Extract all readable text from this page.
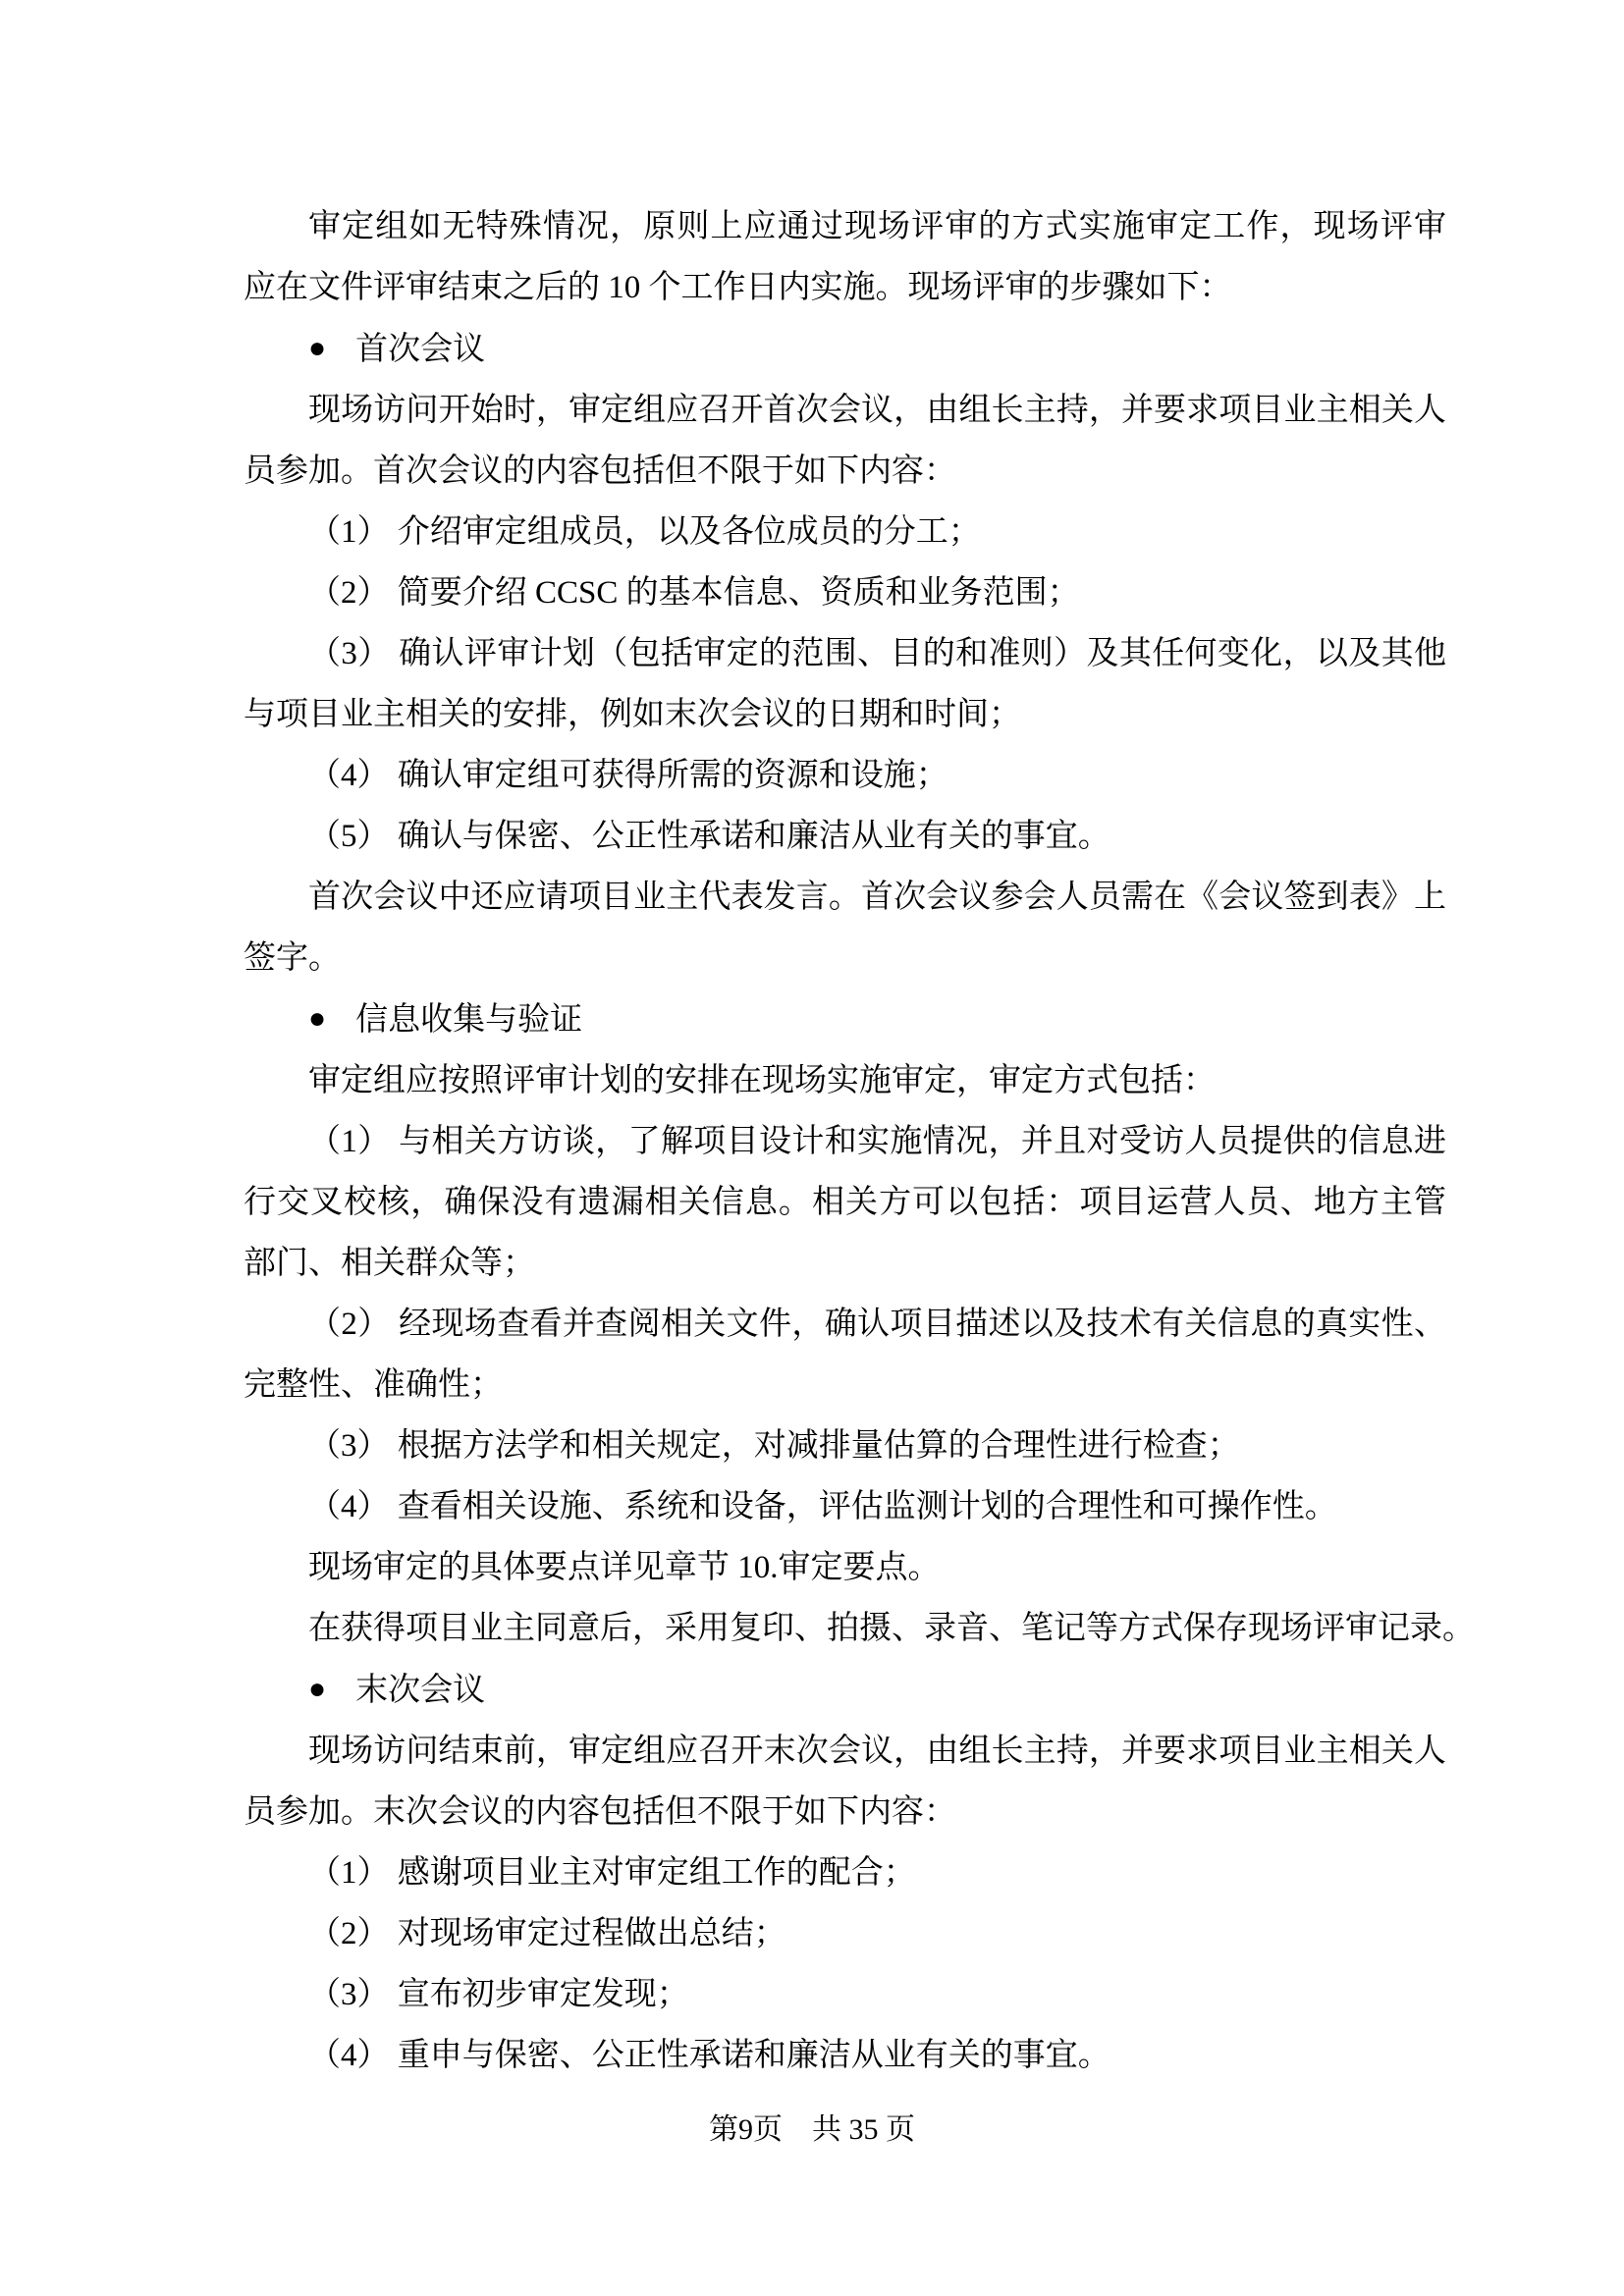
审定组如无特殊情况，原则上应通过现场评审的方式实施审定工作，现场评审

应在文件评审结束之后的 10 个工作日内实施。现场评审的步骤如下：

● 首次会议

现场访问开始时，审定组应召开首次会议，由组长主持，并要求项目业主相关人

员参加。首次会议的内容包括但不限于如下内容：

（1） 介绍审定组成员，以及各位成员的分工；

（2） 简要介绍 CCSC 的基本信息、资质和业务范围；

（3） 确认评审计划（包括审定的范围、目的和准则）及其任何变化，以及其他

与项目业主相关的安排，例如末次会议的日期和时间；

（4） 确认审定组可获得所需的资源和设施；

（5） 确认与保密、公正性承诺和廉洁从业有关的事宜。

首次会议中还应请项目业主代表发言。首次会议参会人员需在《会议签到表》上

签字。

● 信息收集与验证

审定组应按照评审计划的安排在现场实施审定，审定方式包括：

（1） 与相关方访谈，了解项目设计和实施情况，并且对受访人员提供的信息进

行交叉校核，确保没有遗漏相关信息。相关方可以包括：项目运营人员、地方主管

部门、相关群众等；

（2） 经现场查看并查阅相关文件，确认项目描述以及技术有关信息的真实性、

完整性、准确性；

（3） 根据方法学和相关规定，对减排量估算的合理性进行检查；

（4） 查看相关设施、系统和设备，评估监测计划的合理性和可操作性。

现场审定的具体要点详见章节 10.审定要点。

在获得项目业主同意后，采用复印、拍摄、录音、笔记等方式保存现场评审记录。

● 末次会议

现场访问结束前，审定组应召开末次会议，由组长主持，并要求项目业主相关人

员参加。末次会议的内容包括但不限于如下内容：

（1） 感谢项目业主对审定组工作的配合；

（2） 对现场审定过程做出总结；

（3） 宣布初步审定发现；

（4） 重申与保密、公正性承诺和廉洁从业有关的事宜。

第9页　共 35 页
